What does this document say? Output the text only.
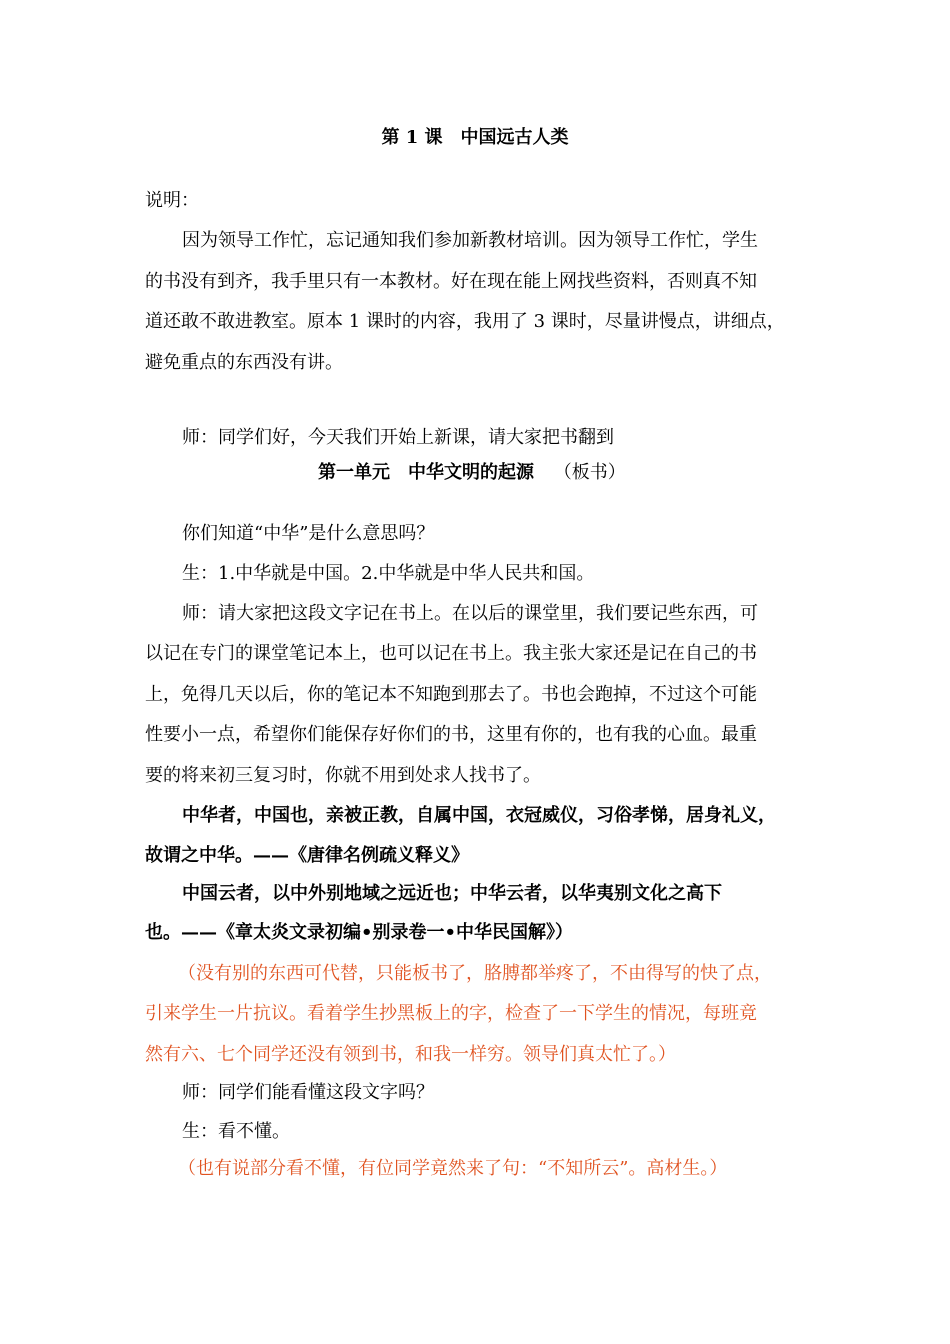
第 1 课　中国远古人类
说明：
因为领导工作忙，忘记通知我们参加新教材培训。因为领导工作忙，学生
的书没有到齐，我手里只有一本教材。好在现在能上网找些资料，否则真不知
道还敢不敢进教室。原本 1 课时的内容，我用了 3 课时，尽量讲慢点，讲细点，
避免重点的东西没有讲。
师：同学们好，今天我们开始上新课，请大家把书翻到
第一单元　中华文明的起源 （板书）
你们知道“中华”是什么意思吗？
生：1.中华就是中国。2.中华就是中华人民共和国。
师：请大家把这段文字记在书上。在以后的课堂里，我们要记些东西，可
以记在专门的课堂笔记本上，也可以记在书上。我主张大家还是记在自己的书
上，免得几天以后，你的笔记本不知跑到那去了。书也会跑掉，不过这个可能
性要小一点，希望你们能保存好你们的书，这里有你的，也有我的心血。最重
要的将来初三复习时，你就不用到处求人找书了。
中华者，中国也，亲被正教，自属中国，衣冠威仪，习俗孝悌，居身礼义，
故谓之中华。——《唐律名例疏义释义》
中国云者，以中外别地域之远近也；中华云者，以华夷别文化之高下
也。——《章太炎文录初编•别录卷一•中华民国解》）
（没有别的东西可代替，只能板书了，胳膊都举疼了，不由得写的快了点，
引来学生一片抗议。看着学生抄黑板上的字，检查了一下学生的情况，每班竟
然有六、七个同学还没有领到书，和我一样穷。领导们真太忙了。）
师：同学们能看懂这段文字吗？
生：看不懂。
（也有说部分看不懂，有位同学竟然来了句：“不知所云”。高材生。）
